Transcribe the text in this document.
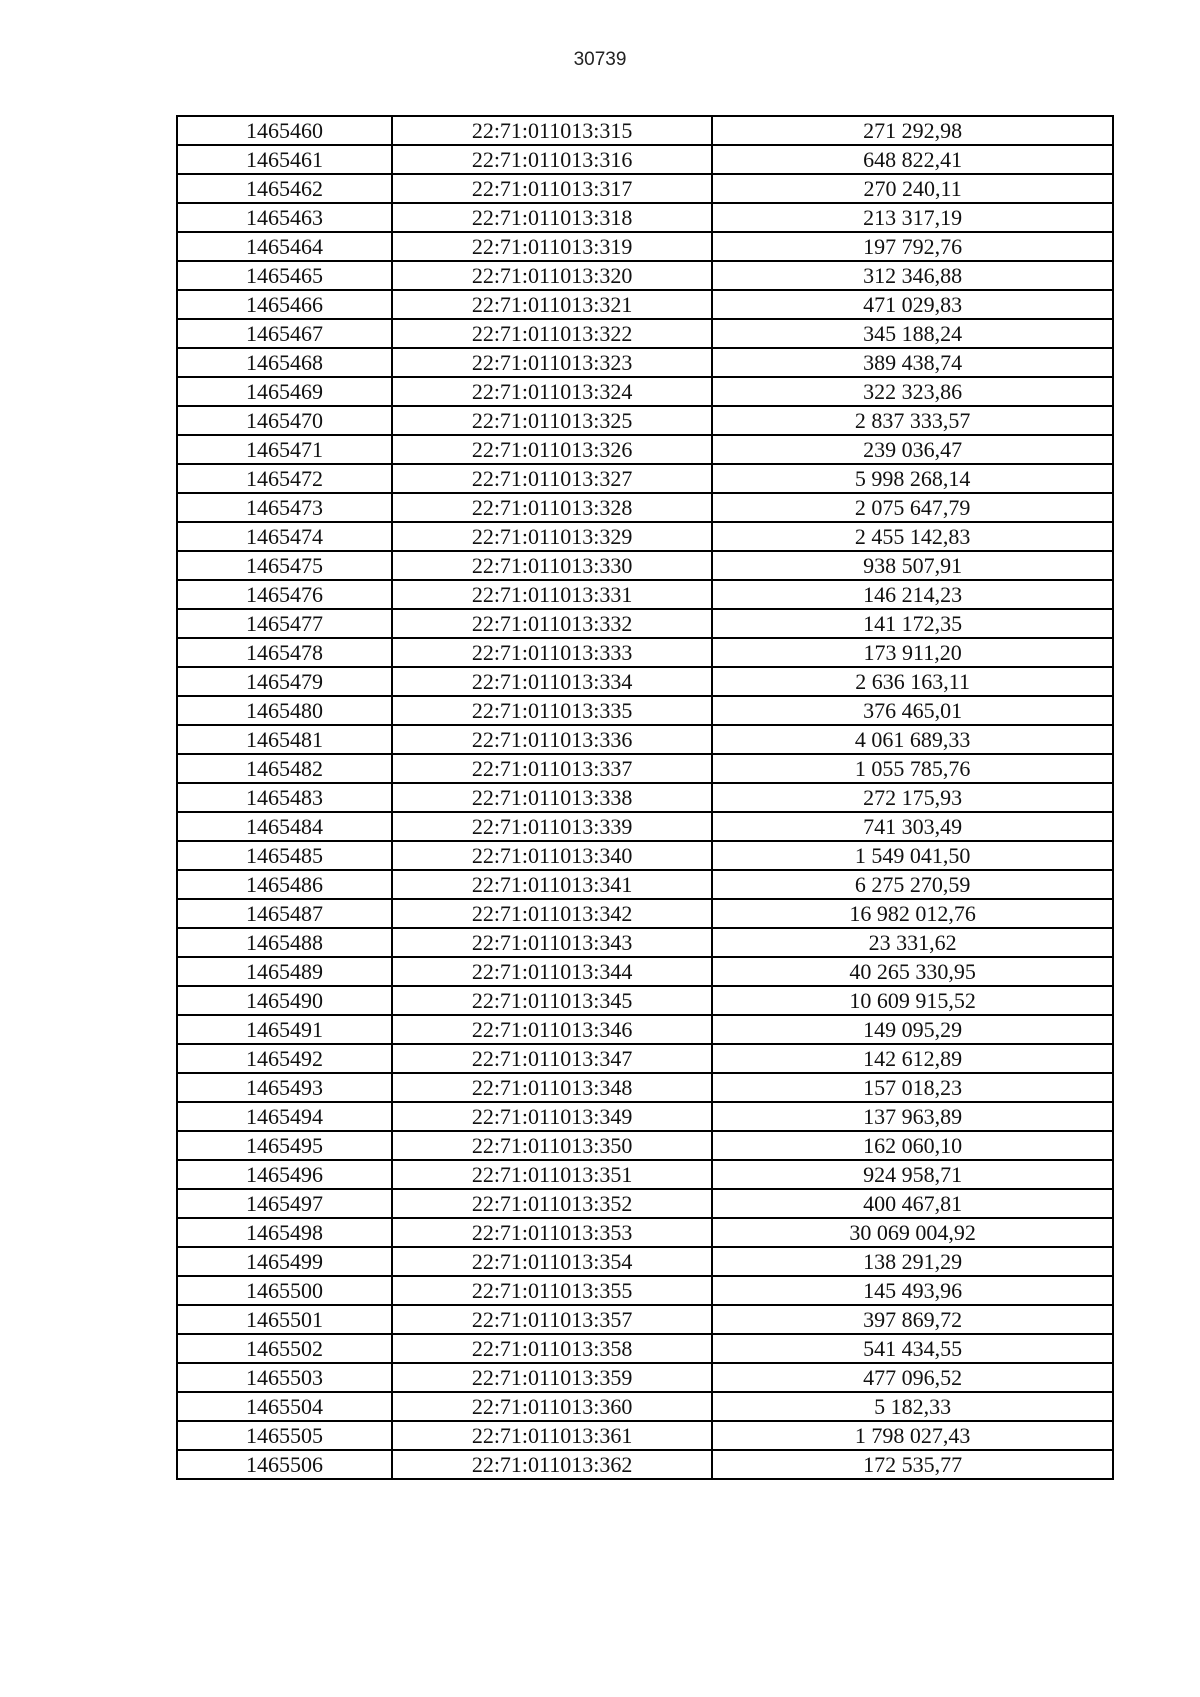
30739
1465460	22:71:011013:315	271 292,98
1465461	22:71:011013:316	648 822,41
1465462	22:71:011013:317	270 240,11
1465463	22:71:011013:318	213 317,19
1465464	22:71:011013:319	197 792,76
1465465	22:71:011013:320	312 346,88
1465466	22:71:011013:321	471 029,83
1465467	22:71:011013:322	345 188,24
1465468	22:71:011013:323	389 438,74
1465469	22:71:011013:324	322 323,86
1465470	22:71:011013:325	2 837 333,57
1465471	22:71:011013:326	239 036,47
1465472	22:71:011013:327	5 998 268,14
1465473	22:71:011013:328	2 075 647,79
1465474	22:71:011013:329	2 455 142,83
1465475	22:71:011013:330	938 507,91
1465476	22:71:011013:331	146 214,23
1465477	22:71:011013:332	141 172,35
1465478	22:71:011013:333	173 911,20
1465479	22:71:011013:334	2 636 163,11
1465480	22:71:011013:335	376 465,01
1465481	22:71:011013:336	4 061 689,33
1465482	22:71:011013:337	1 055 785,76
1465483	22:71:011013:338	272 175,93
1465484	22:71:011013:339	741 303,49
1465485	22:71:011013:340	1 549 041,50
1465486	22:71:011013:341	6 275 270,59
1465487	22:71:011013:342	16 982 012,76
1465488	22:71:011013:343	23 331,62
1465489	22:71:011013:344	40 265 330,95
1465490	22:71:011013:345	10 609 915,52
1465491	22:71:011013:346	149 095,29
1465492	22:71:011013:347	142 612,89
1465493	22:71:011013:348	157 018,23
1465494	22:71:011013:349	137 963,89
1465495	22:71:011013:350	162 060,10
1465496	22:71:011013:351	924 958,71
1465497	22:71:011013:352	400 467,81
1465498	22:71:011013:353	30 069 004,92
1465499	22:71:011013:354	138 291,29
1465500	22:71:011013:355	145 493,96
1465501	22:71:011013:357	397 869,72
1465502	22:71:011013:358	541 434,55
1465503	22:71:011013:359	477 096,52
1465504	22:71:011013:360	5 182,33
1465505	22:71:011013:361	1 798 027,43
1465506	22:71:011013:362	172 535,77
